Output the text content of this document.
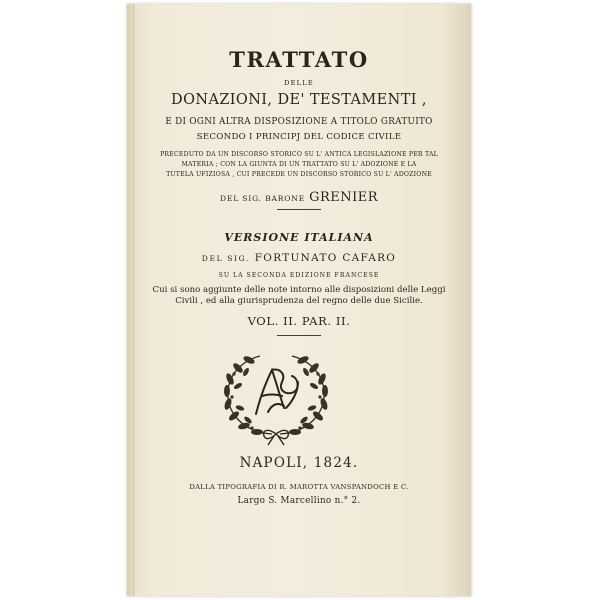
TRATTATO
DELLE
DONAZIONI, DE' TESTAMENTI ,
E DI OGNI ALTRA DISPOSIZIONE A TITOLO GRATUITO
SECONDO I PRINCIPJ DEL CODICE CIVILE
PRECEDUTO DA UN DISCORSO STORICO SU L' ANTICA LEGISLAZIONE PER TAL
MATERIA ; CON LA GIUNTA DI UN TRATTATO SU L' ADOZIONE E LA
TUTELA UFIZIOSA , CUI PRECEDE UN DISCORSO STORICO SU L' ADOZIONE
DEL SIG. BARONE GRENIER
VERSIONE ITALIANA
DEL SIG. FORTUNATO CAFARO
SU LA SECONDA EDIZIONE FRANCESE
Cui si sono aggiunte delle note intorno alle disposizioni delle Leggi
Civili , ed alla giurisprudenza del regno delle due Sicilie.
VOL. II. PAR. II.
NAPOLI, 1824.
DALLA TIPOGRAFIA DI R. MAROTTA VANSPANDOCH E C.
Largo S. Marcellino n.° 2.
